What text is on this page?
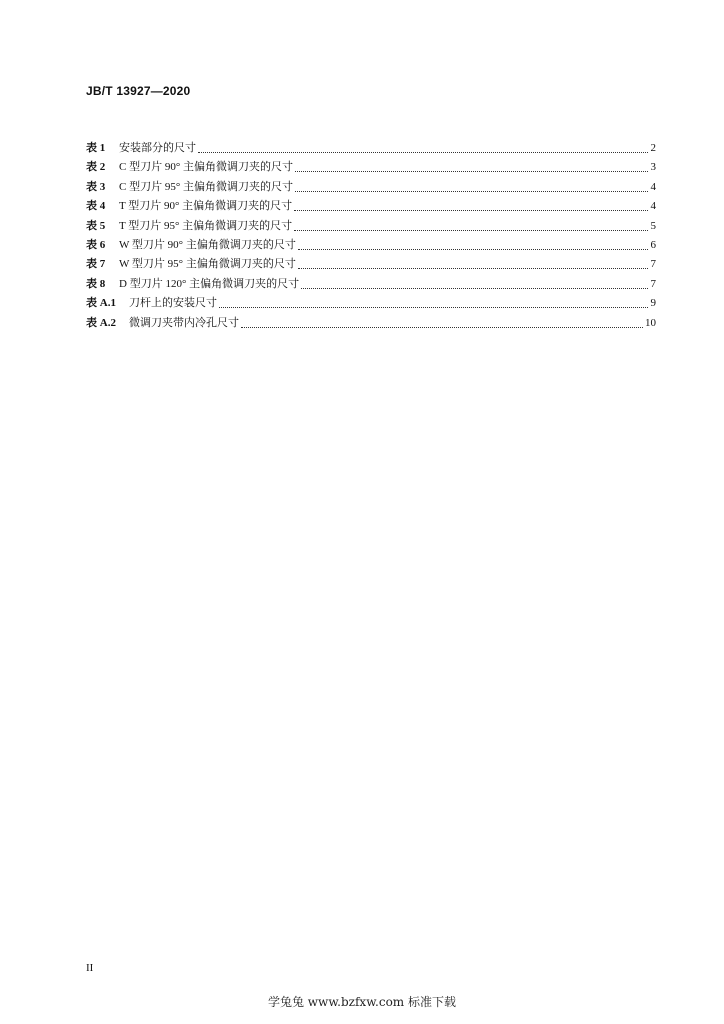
JB/T 13927—2020
表 1	安装部分的尺寸	2
表 2	C 型刀片 90° 主偏角微调刀夹的尺寸	3
表 3	C 型刀片 95° 主偏角微调刀夹的尺寸	4
表 4	T 型刀片 90° 主偏角微调刀夹的尺寸	4
表 5	T 型刀片 95° 主偏角微调刀夹的尺寸	5
表 6	W 型刀片 90° 主偏角微调刀夹的尺寸	6
表 7	W 型刀片 95° 主偏角微调刀夹的尺寸	7
表 8	D 型刀片 120° 主偏角微调刀夹的尺寸	7
表 A.1	刀杆上的安装尺寸	9
表 A.2	微调刀夹带内冷孔尺寸	10
II
学兔兔 www.bzfxw.com 标准下载
